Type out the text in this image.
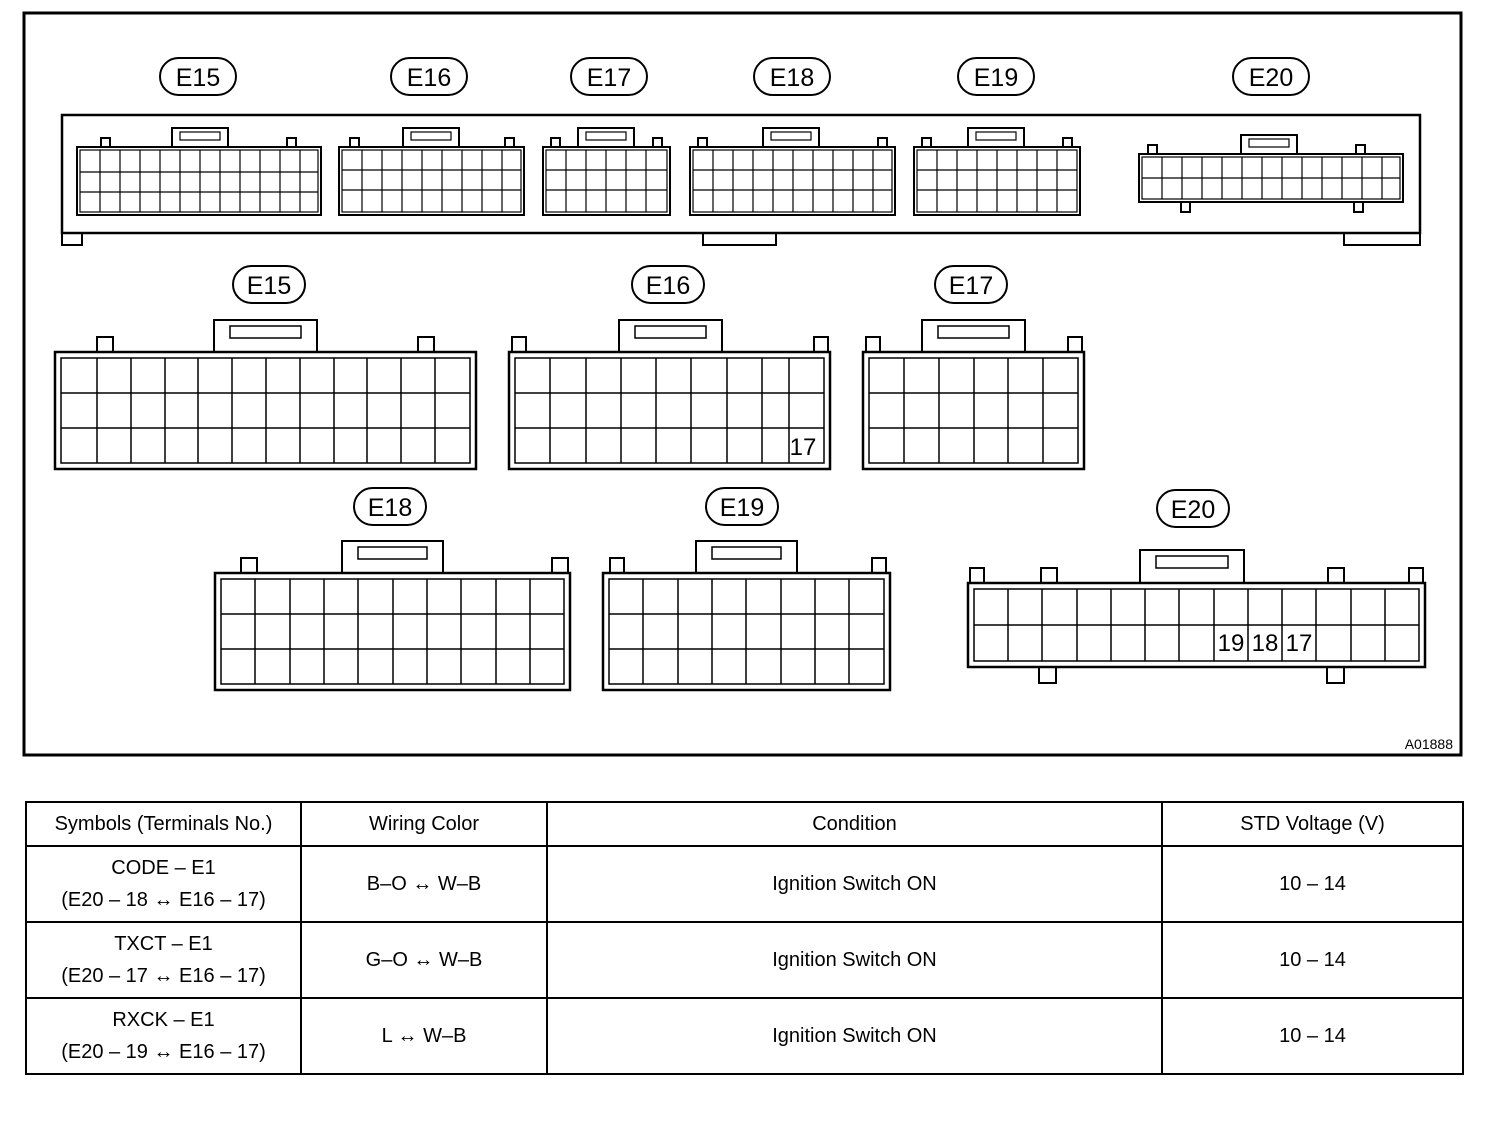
E15	E16	E17	E18	E19	E20
E15	E16	E17
17
E18	E19	E20
19 18 17
A01888
Symbols (Terminals No.)	Wiring Color	Condition	STD Voltage (V)

CODE – E1
(E20 – 18 ↔ E16 – 17)	B–O ↔ W–B	Ignition Switch ON	10 – 14

TXCT – E1
(E20 – 17 ↔ E16 – 17)	G–O ↔ W–B	Ignition Switch ON	10 – 14

RXCK – E1
(E20 – 19 ↔ E16 – 17)	L ↔ W–B	Ignition Switch ON	10 – 14
